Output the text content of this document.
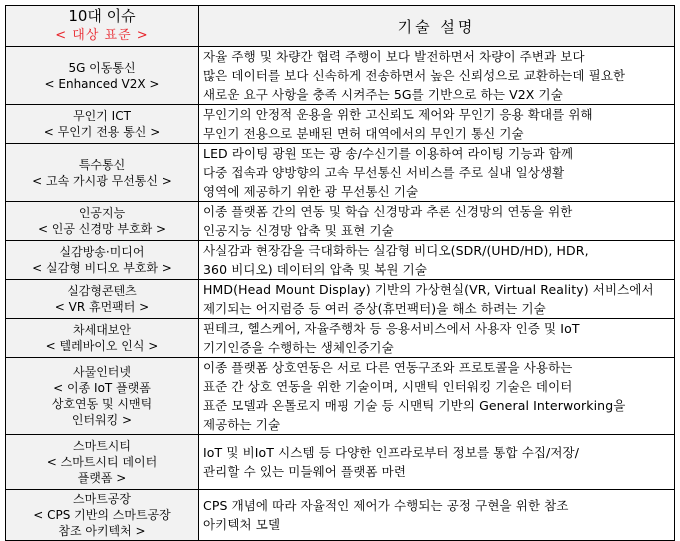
10대 이슈
< 대상 표준 >	기술 설명

5G 이동통신
< Enhanced V2X >	자율 주행 및 차량간 협력 주행이 보다 발전하면서 차량이 주변과 보다
많은 데이터를 보다 신속하게 전송하면서 높은 신뢰성으로 교환하는데 필요한
새로운 요구 사항을 충족 시켜주는 5G를 기반으로 하는 V2X 기술

무인기 ICT
< 무인기 전용 통신 >	무인기의 안정적 운용을 위한 고신뢰도 제어와 무인기 응용 확대를 위해
무인기 전용으로 분배된 면허 대역에서의 무인기 통신 기술

특수통신
< 고속 가시광 무선통신 >	LED 라이팅 광원 또는 광 송/수신기를 이용하여 라이팅 기능과 함께
다중 접속과 양방향의 고속 무선통신 서비스를 주로 실내 일상생활
영역에 제공하기 위한 광 무선통신 기술

인공지능
< 인공 신경망 부호화 >	이종 플랫폼 간의 연동 및 학습 신경망과 추론 신경망의 연동을 위한
인공지능 신경망 압축 및 표현 기술

실감방송·미디어
< 실감형 비디오 부호화 >	사실감과 현장감을 극대화하는 실감형 비디오(SDR/(UHD/HD), HDR,
360 비디오) 데이터의 압축 및 복원 기술

실감형콘텐츠
< VR 휴먼팩터 >	HMD(Head Mount Display) 기반의 가상현실(VR, Virtual Reality) 서비스에서
제기되는 어지럼증 등 여러 증상(휴먼팩터)을 해소 하려는 기술

차세대보안
< 텔레바이오 인식 >	핀테크, 헬스케어, 자율주행차 등 응용서비스에서 사용자 인증 및 IoT
기기인증을 수행하는 생체인증기술

사물인터넷
< 이종 IoT 플랫폼
상호연동 및 시맨틱
인터워킹 >	이종 플랫폼 상호연동은 서로 다른 연동구조와 프로토콜을 사용하는
표준 간 상호 연동을 위한 기술이며, 시맨틱 인터워킹 기술은 데이터
표준 모델과 온톨로지 매핑 기술 등 시맨틱 기반의 General Interworking을
제공하는 기술

스마트시티
< 스마트시티 데이터
플랫폼 >	IoT 및 비IoT 시스템 등 다양한 인프라로부터 정보를 통합 수집/저장/
관리할 수 있는 미들웨어 플랫폼 마련

스마트공장
< CPS 기반의 스마트공장
참조 아키텍처 >	CPS 개념에 따라 자율적인 제어가 수행되는 공정 구현을 위한 참조
아키텍처 모델
